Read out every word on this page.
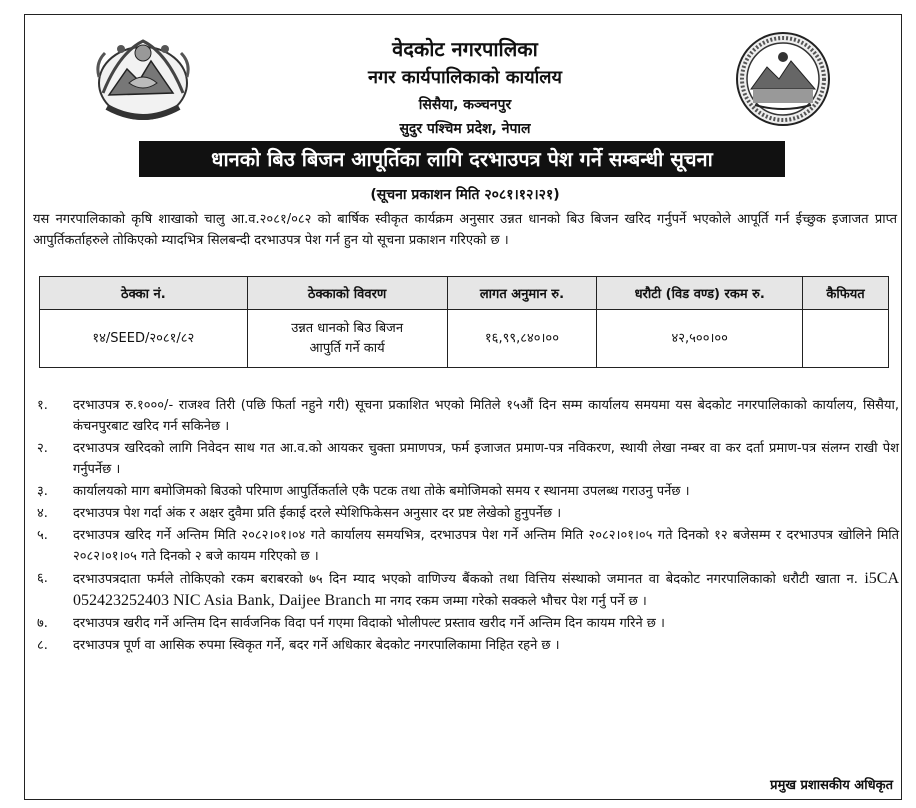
वेदकोट नगरपालिका
नगर कार्यपालिकाको कार्यालय
सिसैया, कञ्चनपुर
सुदुर पश्चिम प्रदेश, नेपाल
धानको बिउ बिजन आपूर्तिका लागि दरभाउपत्र पेश गर्ने सम्बन्धी सूचना
(सूचना प्रकाशन मिति २०८१।१२।२१)

यस नगरपालिकाको कृषि शाखाको चालु आ.व.२०८१/०८२ को बार्षिक स्वीकृत कार्यक्रम अनुसार उन्नत धानको बिउ बिजन खरिद गर्नुपर्ने भएकोले आपूर्ति गर्न ईच्छुक इजाजत प्राप्त आपुर्तिकर्ताहरुले तोकिएको म्यादभित्र सिलबन्दी दरभाउपत्र पेश गर्न हुन यो सूचना प्रकाशन गरिएको छ ।

ठेक्का नं.	ठेक्काको विवरण	लागत अनुमान रु.	धरौटी (विड वण्ड) रकम रु.	कैफियत
१४/SEED/२०८१/८२	उन्नत धानको बिउ बिजन आपुर्ति गर्ने कार्य	१६,९९,८४०।००	४२,५००।००	
१.	दरभाउपत्र रु.१०००/- राजश्व तिरी (पछि फिर्ता नहुने गरी) सूचना प्रकाशित भएको मितिले १५औं दिन सम्म कार्यालय समयमा यस बेदकोट नगरपालिकाको कार्यालय, सिसैया, कंचनपुरबाट खरिद गर्न सकिनेछ ।
२.	दरभाउपत्र खरिदको लागि निवेदन साथ गत आ.व.को आयकर चुक्ता प्रमाणपत्र, फर्म इजाजत प्रमाण-पत्र नविकरण, स्थायी लेखा नम्बर वा कर दर्ता प्रमाण-पत्र संलग्न राखी पेश गर्नुपर्नेछ ।
३.	कार्यालयको माग बमोजिमको बिउको परिमाण आपुर्तिकर्ताले एकै पटक तथा तोके बमोजिमको समय र स्थानमा उपलब्ध गराउनु पर्नेछ ।
४.	दरभाउपत्र पेश गर्दा अंक र अक्षर दुवैमा प्रति ईकाई दरले स्पेशिफिकेसन अनुसार दर प्रष्ट लेखेको हुनुपर्नेछ ।
५.	दरभाउपत्र खरिद गर्ने अन्तिम मिति २०८२।०१।०४ गते कार्यालय समयभित्र, दरभाउपत्र पेश गर्ने अन्तिम मिति २०८२।०१।०५ गते दिनको १२ बजेसम्म र दरभाउपत्र खोलिने मिति २०८२।०१।०५ गते दिनको २ बजे कायम गरिएको छ ।
६.	दरभाउपत्रदाता फर्मले तोकिएको रकम बराबरको ७५ दिन म्याद भएको वाणिज्य बैंकको तथा वित्तिय संस्थाको जमानत वा बेदकोट नगरपालिकाको धरौटी खाता न. i5CA 052423252403 NIC Asia Bank, Daijee Branch मा नगद रकम जम्मा गरेको सक्कले भौचर पेश गर्नु पर्ने छ ।
७.	दरभाउपत्र खरीद गर्ने अन्तिम दिन सार्वजनिक विदा पर्न गएमा विदाको भोलीपल्ट प्रस्ताव खरीद गर्ने अन्तिम दिन कायम गरिने छ ।
८.	दरभाउपत्र पूर्ण वा आसिक रुपमा स्विकृत गर्ने, बदर गर्ने अधिकार बेदकोट नगरपालिकामा निहित रहने छ ।
प्रमुख प्रशासकीय अधिकृत
